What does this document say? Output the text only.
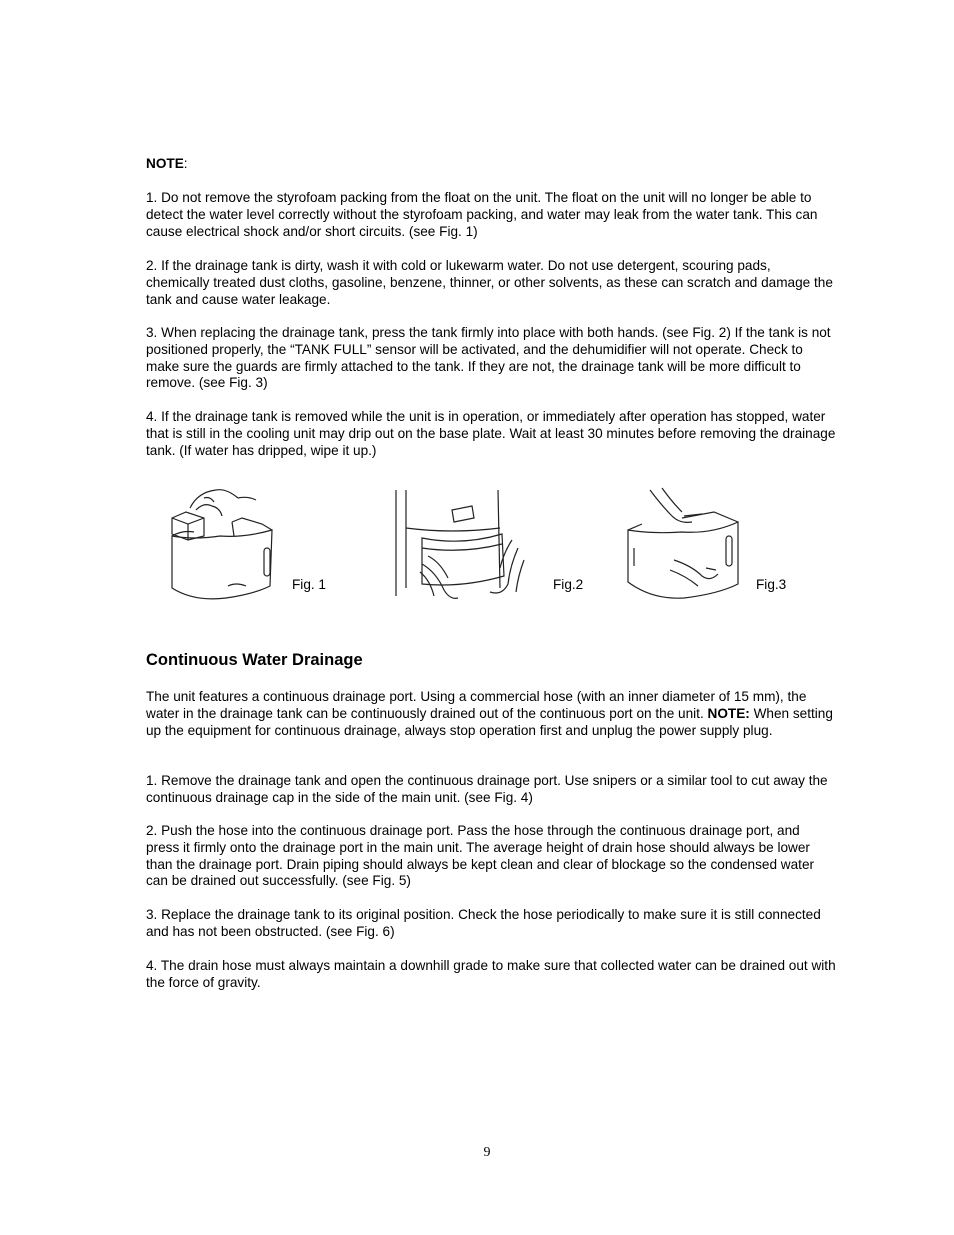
NOTE:

1. Do not remove the styrofoam packing from the float on the unit. The float on the unit will no longer be able to detect the water level correctly without the styrofoam packing, and water may leak from the water tank. This can cause electrical shock and/or short circuits. (see Fig. 1)

2. If the drainage tank is dirty, wash it with cold or lukewarm water. Do not use detergent, scouring pads, chemically treated dust cloths, gasoline, benzene, thinner, or other solvents, as these can scratch and damage the tank and cause water leakage.

3. When replacing the drainage tank, press the tank firmly into place with both hands. (see Fig. 2) If the tank is not positioned properly, the “TANK FULL” sensor will be activated, and the dehumidifier will not operate. Check to make sure the guards are firmly attached to the tank. If they are not, the drainage tank will be more difficult to remove. (see Fig. 3)

4. If the drainage tank is removed while the unit is in operation, or immediately after operation has stopped, water that is still in the cooling unit may drip out on the base plate. Wait at least 30 minutes before removing the drainage tank. (If water has dripped, wipe it up.)

Fig. 1	Fig.2	Fig.3
Continuous Water Drainage

The unit features a continuous drainage port. Using a commercial hose (with an inner diameter of 15 mm), the water in the drainage tank can be continuously drained out of the continuous port on the unit. NOTE: When setting up the equipment for continuous drainage, always stop operation first and unplug the power supply plug.

1. Remove the drainage tank and open the continuous drainage port. Use snipers or a similar tool to cut away the continuous drainage cap in the side of the main unit. (see Fig. 4)

2. Push the hose into the continuous drainage port. Pass the hose through the continuous drainage port, and press it firmly onto the drainage port in the main unit. The average height of drain hose should always be lower than the drainage port. Drain piping should always be kept clean and clear of blockage so the condensed water can be drained out successfully. (see Fig. 5)

3. Replace the drainage tank to its original position. Check the hose periodically to make sure it is still connected and has not been obstructed. (see Fig. 6)

4. The drain hose must always maintain a downhill grade to make sure that collected water can be drained out with the force of gravity.

9
